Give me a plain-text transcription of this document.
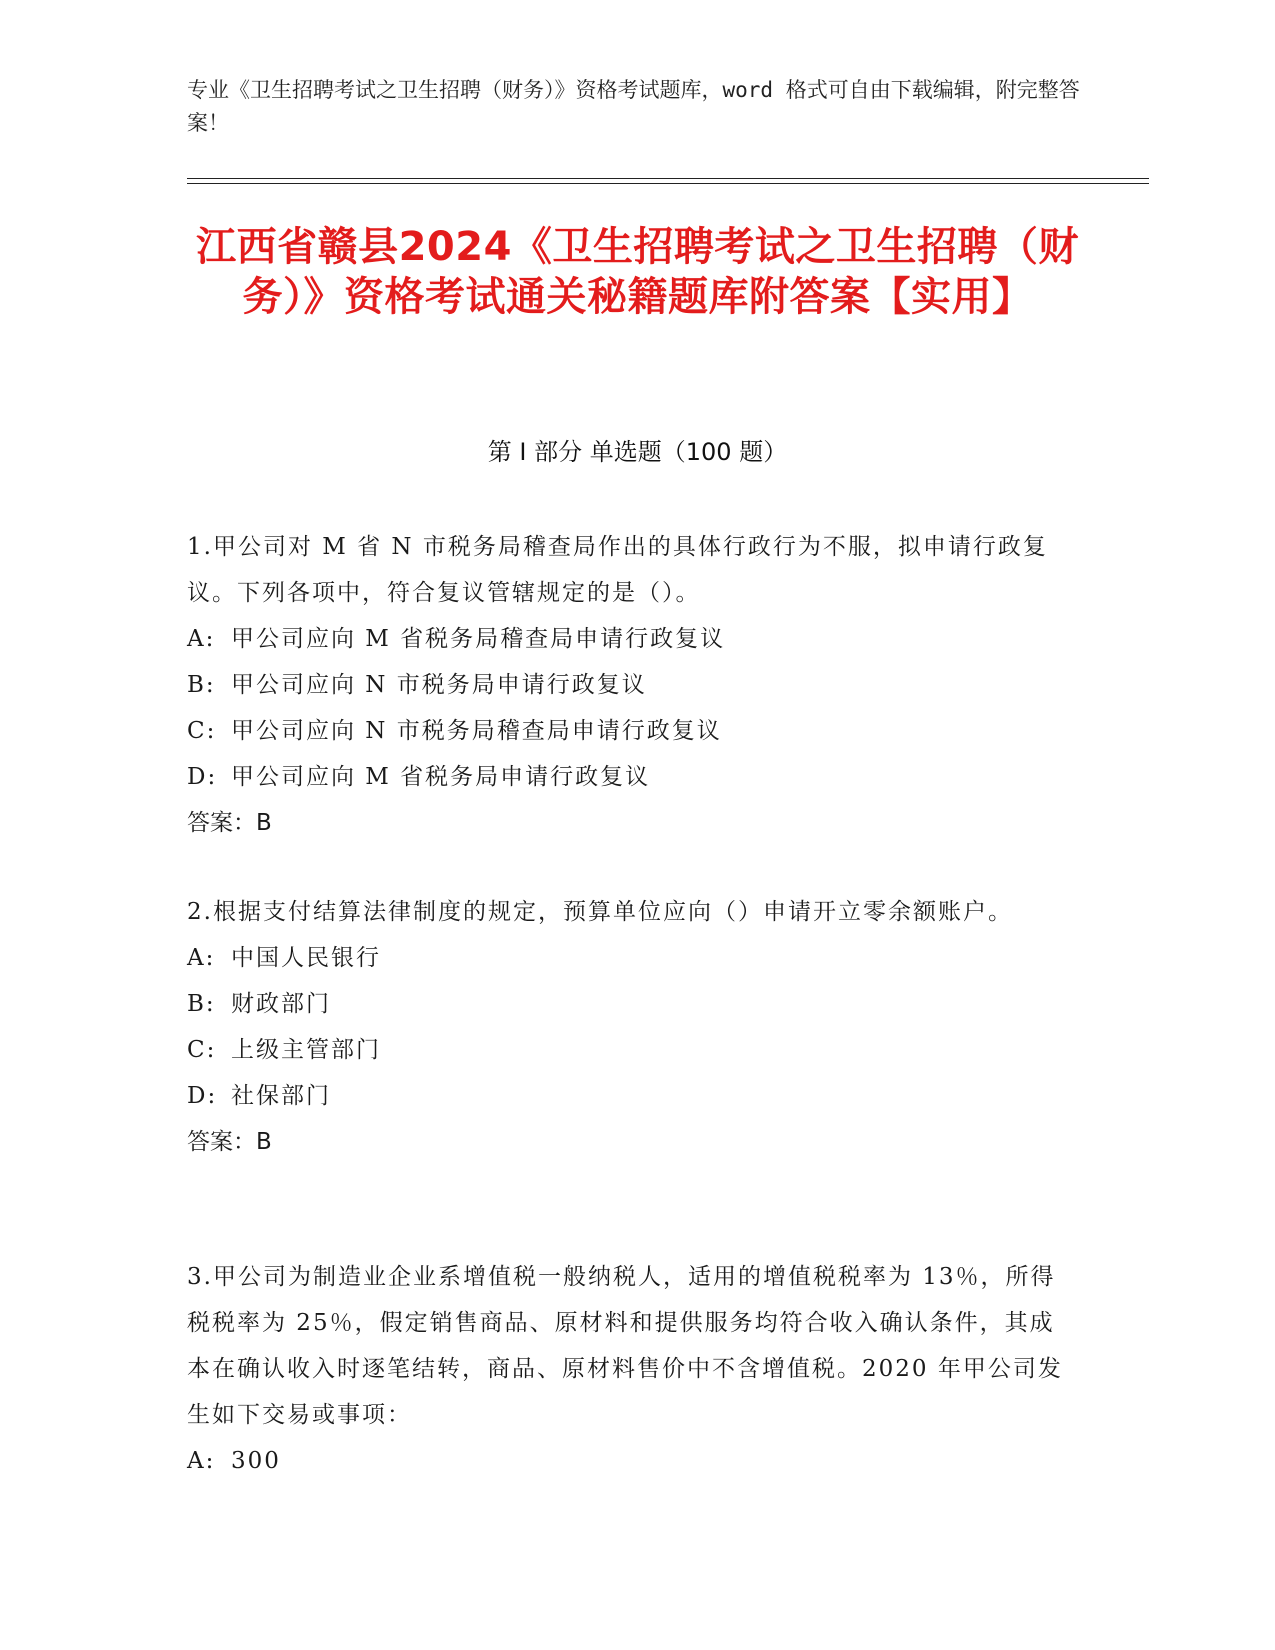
专业《卫生招聘考试之卫生招聘（财务）》资格考试题库，word 格式可自由下载编辑，附完整答案！
江西省赣县2024《卫生招聘考试之卫生招聘（财务）》资格考试通关秘籍题库附答案【实用】
第 I 部分 单选题（100 题）
1.甲公司对 M 省 N 市税务局稽查局作出的具体行政行为不服，拟申请行政复议。下列各项中，符合复议管辖规定的是（）。
A: 甲公司应向 M 省税务局稽查局申请行政复议
B: 甲公司应向 N 市税务局申请行政复议
C: 甲公司应向 N 市税务局稽查局申请行政复议
D: 甲公司应向 M 省税务局申请行政复议
答案：B
2.根据支付结算法律制度的规定，预算单位应向（）申请开立零余额账户。
A: 中国人民银行
B: 财政部门
C: 上级主管部门
D: 社保部门
答案：B
3.甲公司为制造业企业系增值税一般纳税人，适用的增值税税率为 13％，所得税税率为 25％，假定销售商品、原材料和提供服务均符合收入确认条件，其成本在确认收入时逐笔结转，商品、原材料售价中不含增值税。2020 年甲公司发生如下交易或事项：
A: 300
